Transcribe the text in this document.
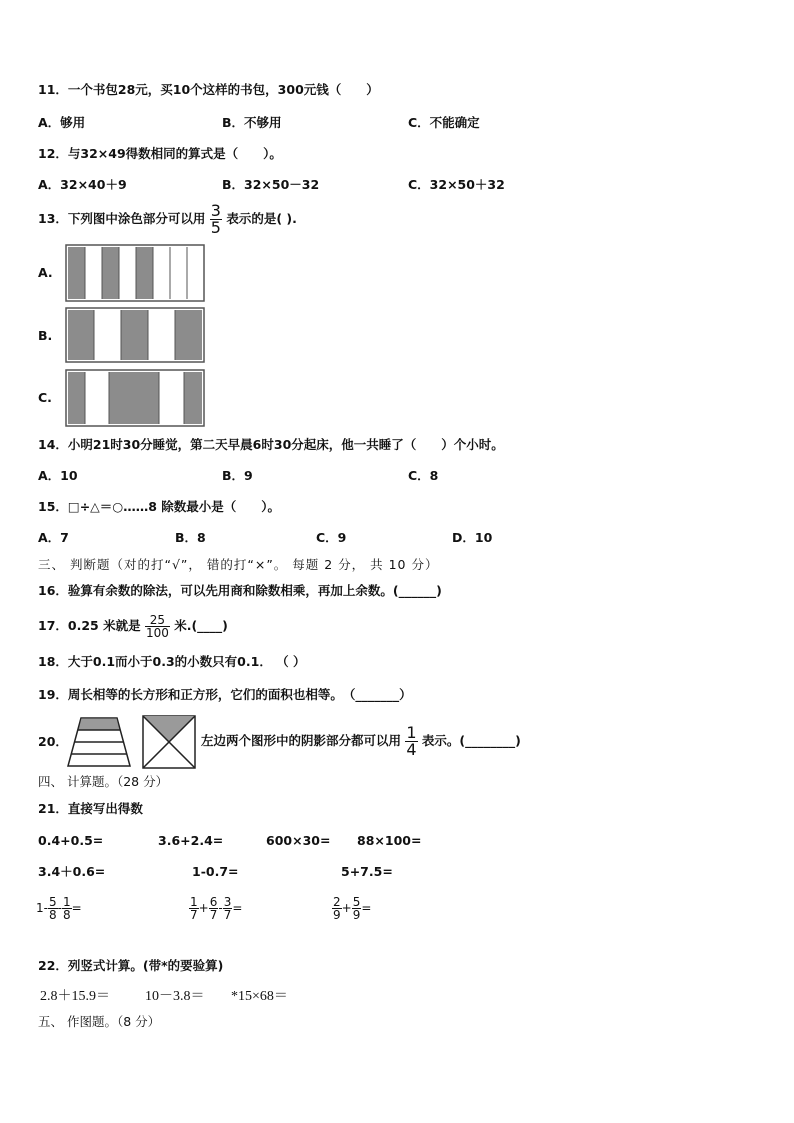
11．一个书包28元，买10个这样的书包，300元钱（　　）
A．够用	B．不够用	C．不能确定
12．与32×49得数相同的算式是（　　）。
A．32×40＋9	B．32×50－32	C．32×50＋32
13．下列图中涂色部分可以用 $\frac{3}{5}$ 表示的是( ).
A.
B.
C.
14．小明21时30分睡觉，第二天早晨6时30分起床，他一共睡了（　　）个小时。
A．10	B．9	C．8
15．□÷△＝○……8 除数最小是（　　）。
A．7	B．8	C．9	D．10
三、 判断题（对的打“√”， 错的打“×”。 每题 2 分， 共 10 分）
16．验算有余数的除法，可以先用商和除数相乘，再加上余数。(______)
17．0.25 米就是 $\frac{25}{100}$ 米.(____)
18．大于0.1而小于0.3的小数只有0.1． （ ）
19．周长相等的长方形和正方形，它们的面积也相等。　（_______）
20．	左边两个图形中的阴影部分都可以用 $\frac{1}{4}$ 表示。(________)
四、 计算题。（28 分）
21．直接写出得数
0.4+0.5=	3.6+2.4=	600×30= 88×100=
3.4＋0.6=	1-0.7=	5+7.5=
$1- \frac{5}{8} - \frac{1}{8}$ =	$\frac{1}{7} + \frac{6}{7} - \frac{3}{7}$ =	$\frac{2}{9} + \frac{5}{9}$ =
22．列竖式计算。(带*的要验算)
2.8＋15.9＝	10－3.8＝ *15×68＝
五、 作图题。（8 分）
